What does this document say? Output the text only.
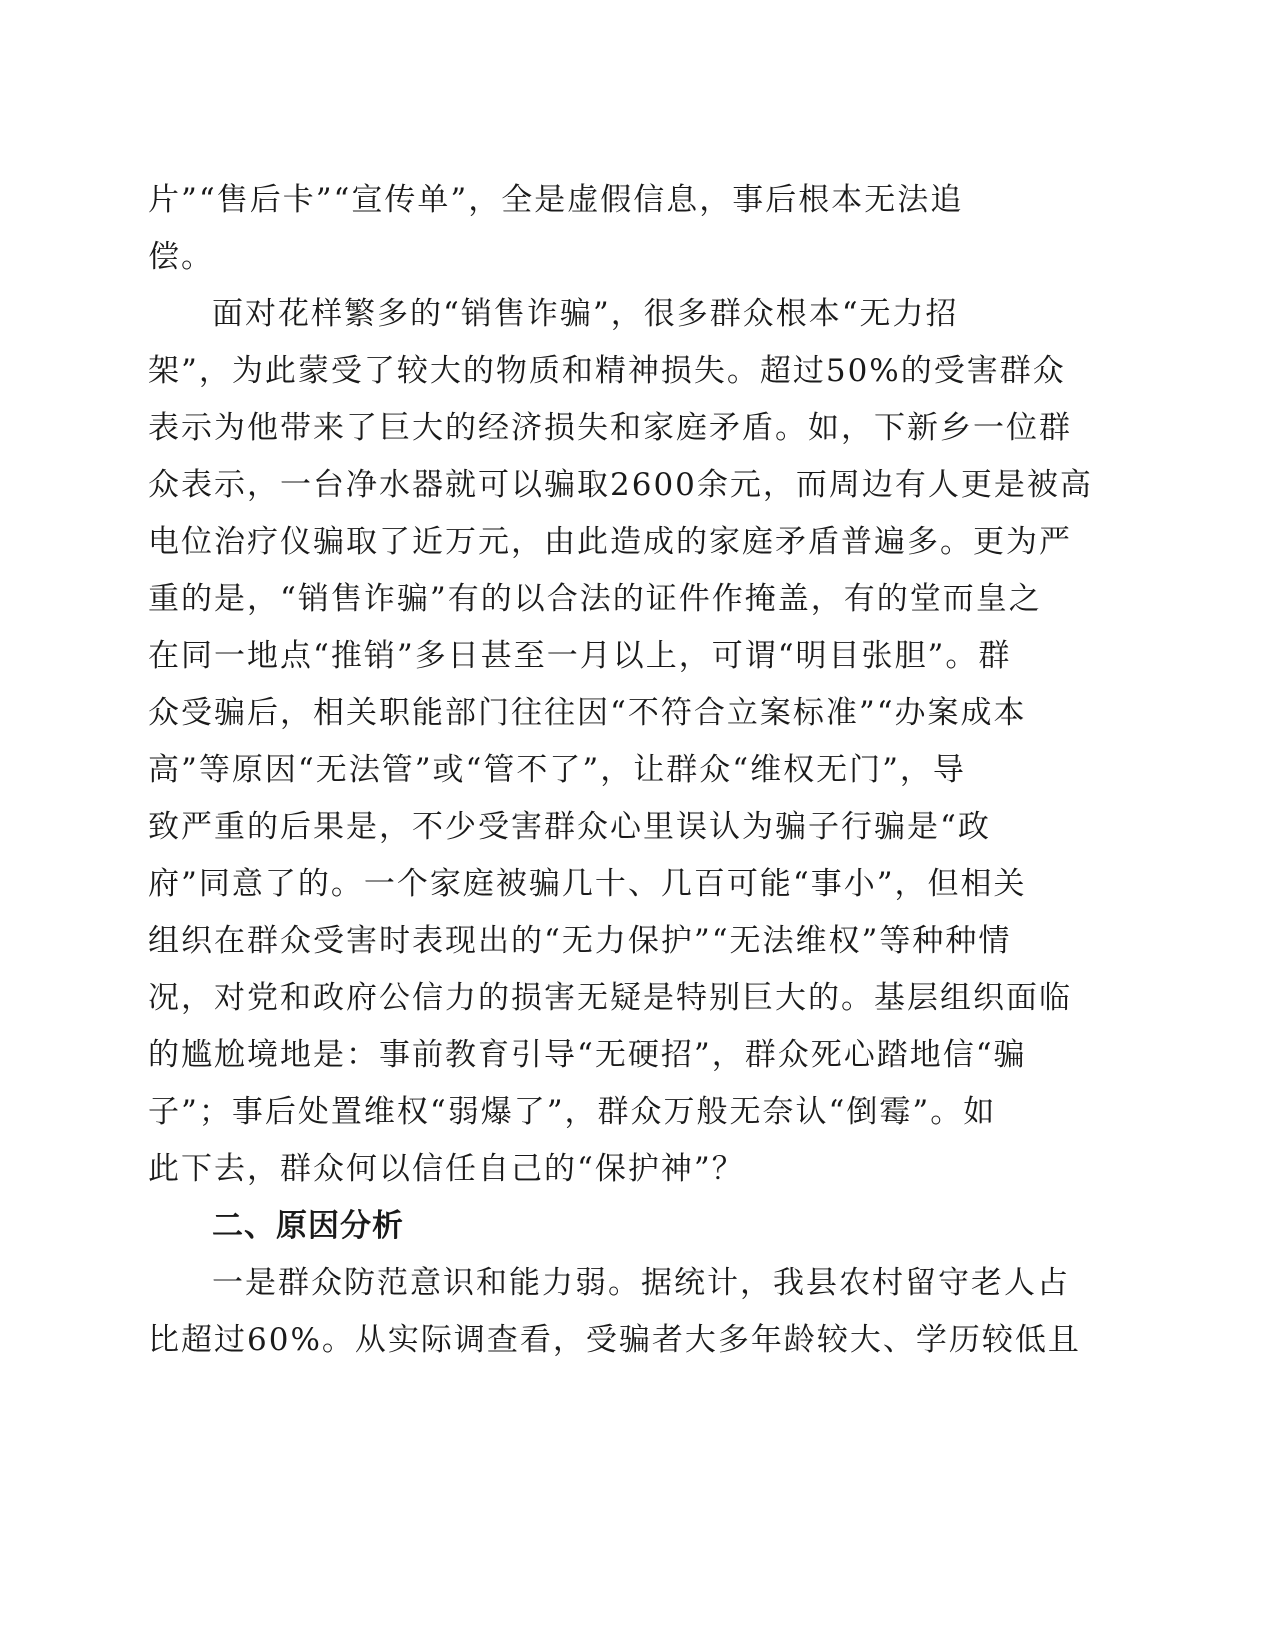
片”“售后卡”“宣传单”，全是虚假信息，事后根本无法追
偿。
面对花样繁多的“销售诈骗”，很多群众根本“无力招
架”，为此蒙受了较大的物质和精神损失。超过50%的受害群众
表示为他带来了巨大的经济损失和家庭矛盾。如，下新乡一位群
众表示，一台净水器就可以骗取2600余元，而周边有人更是被高
电位治疗仪骗取了近万元，由此造成的家庭矛盾普遍多。更为严
重的是，“销售诈骗”有的以合法的证件作掩盖，有的堂而皇之
在同一地点“推销”多日甚至一月以上，可谓“明目张胆”。群
众受骗后，相关职能部门往往因“不符合立案标准”“办案成本
高”等原因“无法管”或“管不了”，让群众“维权无门”，导
致严重的后果是，不少受害群众心里误认为骗子行骗是“政
府”同意了的。一个家庭被骗几十、几百可能“事小”，但相关
组织在群众受害时表现出的“无力保护”“无法维权”等种种情
况，对党和政府公信力的损害无疑是特别巨大的。基层组织面临
的尴尬境地是：事前教育引导“无硬招”，群众死心踏地信“骗
子”；事后处置维权“弱爆了”，群众万般无奈认“倒霉”。如
此下去，群众何以信任自己的“保护神”？
二、原因分析
一是群众防范意识和能力弱。据统计，我县农村留守老人占
比超过60%。从实际调查看，受骗者大多年龄较大、学历较低且
